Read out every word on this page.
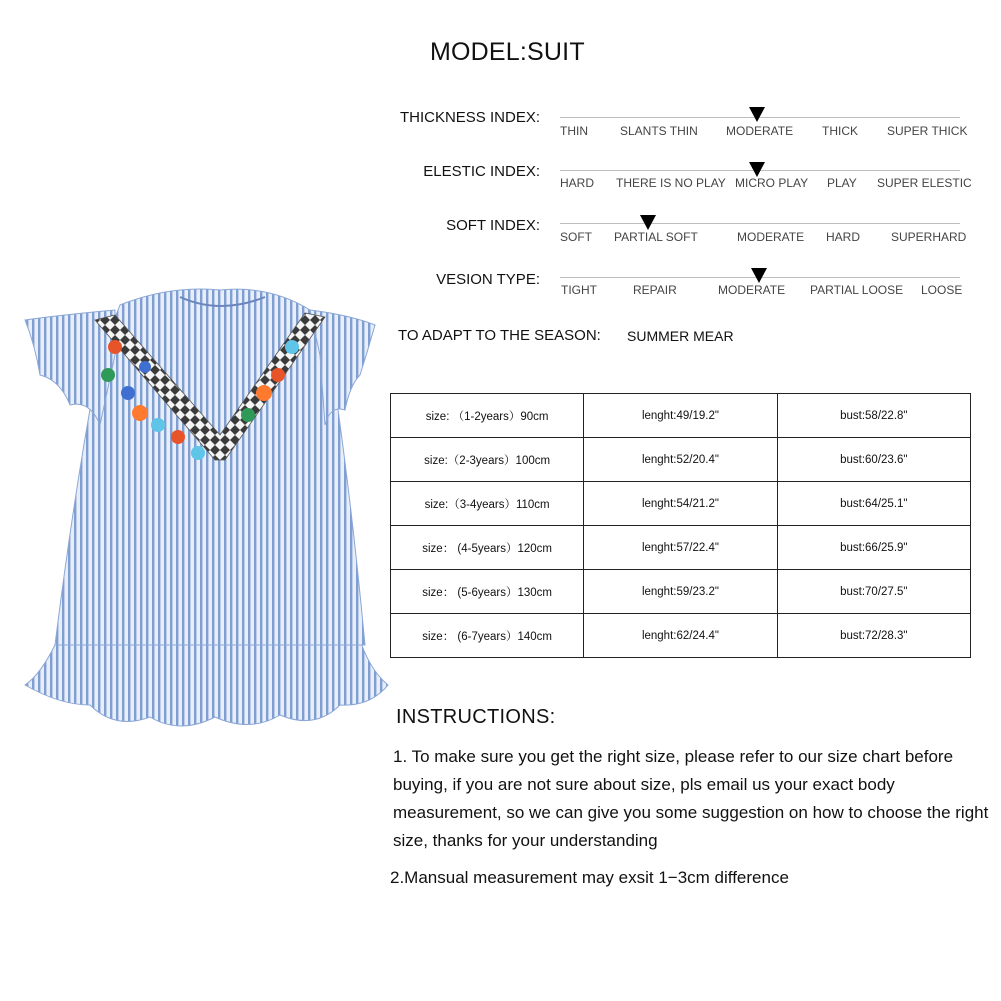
MODEL:SUIT
THICKNESS INDEX:
THIN	SLANTS THIN MODERATE THICK SUPER THICK
ELESTIC INDEX:
HARD THERE IS NO PLAY MICRO PLAY PLAY SUPER ELESTIC
SOFT INDEX:
SOFT PARTIAL SOFT	MODERATE HARD	SUPERHARD
VESION TYPE:
TIGHT	REPAIR	MODERATE PARTIAL LOOSE LOOSE
TO ADAPT TO THE SEASON: SUMMER MEAR
size: （1-2years）90cm	lenght:49/19.2"	bust:58/22.8"
size:（2-3years）100cm	lenght:52/20.4"	bust:60/23.6"
size:（3-4years）110cm	lenght:54/21.2"	bust:64/25.1"
size： (4-5years）120cm	lenght:57/22.4"	bust:66/25.9"
size： (5-6years）130cm	lenght:59/23.2"	bust:70/27.5"
size： (6-7years）140cm	lenght:62/24.4"	bust:72/28.3"
INSTRUCTIONS:
1. To make sure you get the right size, please refer to our size chart before buying, if you are not sure about size, pls email us your exact body measurement, so we can give you some suggestion on how to choose the right size, thanks for your understanding
2.Mansual measurement may exsit 1−3cm difference
